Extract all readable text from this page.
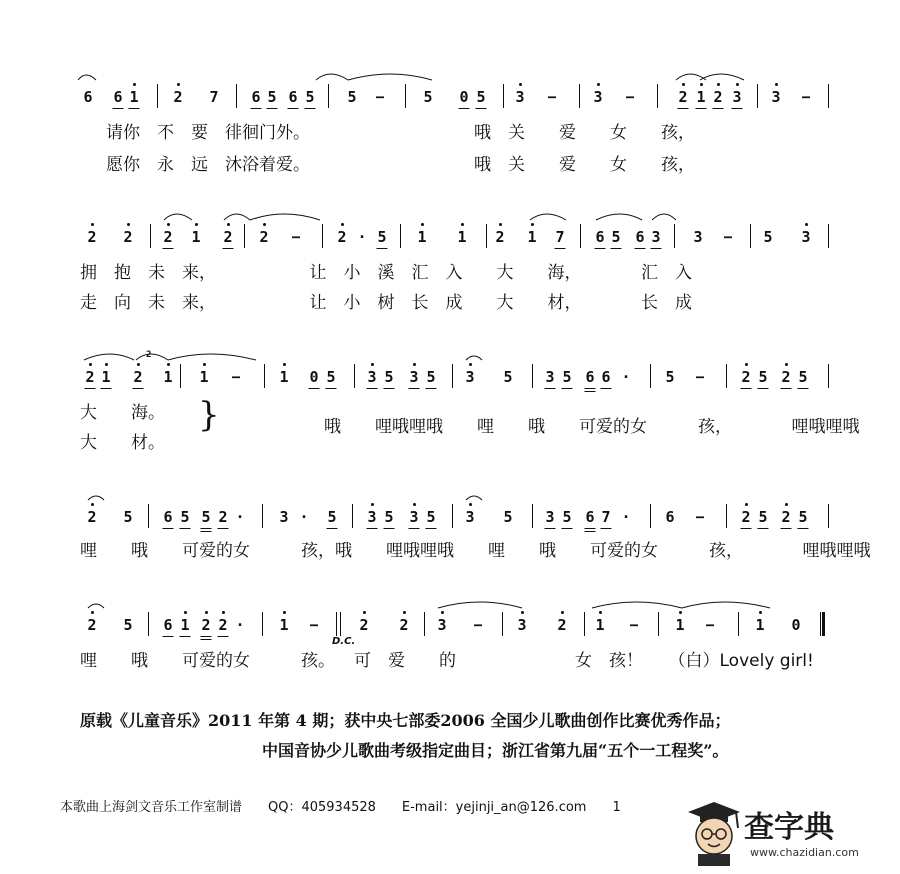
6 6 1 2 7 6 5 6 5 5 −	5 0 5 3 − 3 −	2 1 2 3 3 −
请你　不　要　徘徊门外。	哦　关　　爱　　女　　孩，
愿你　永　远　沐浴着爱。	哦　关　　爱　　女　　孩，
2 2 2 1 2 2 − 2 · 5 1 1 2 1 7 6 5 6 3 3 − 5 3
拥　抱　未　来，　　　　　　让　小　溪　汇　入　　大　　海，　　　　汇　入
走　向　未　来，　　　　　　让　小　树　长　成　　大　　材，　　　　长　成
2
2 1 2 1 1 −	1 0 5 3 5 3 5 3 5 3 5 6 6 · 5 − 2 5 2 5
大　　海。
大　　材。
}	哦　　哩哦哩哦　　哩　　哦　　可爱的女　　　孩，　　　　哩哦哩哦
2 5 6 5 5 2 · 3 · 5 3 5 3 5 3 5 3 5 6 7 · 6 − 2 5 2 5
哩　　哦　　可爱的女　　　孩，哦　　哩哦哩哦　　哩　　哦　　可爱的女　　　孩，　　　　哩哦哩哦
2 5 6 1 2 2 · 1 −	2 2 3 − 3 2 1 − 1 −	1 0
哩　　哦　　可爱的女　　　孩。
D.C.
可　爱　　的　　　　　　　女　孩！　　（白）Lovely girl!
原载《儿童音乐》2011 年第 4 期；获中央七部委2006 全国少儿歌曲创作比赛优秀作品；
中国音协少儿歌曲考级指定曲目；浙江省第九届“五个一工程奖”。
本歌曲上海剑文音乐工作室制谱　　QQ：405934528　　E-mail：yejinji_an@126.com　　1
查字典
www.chazidian.com
